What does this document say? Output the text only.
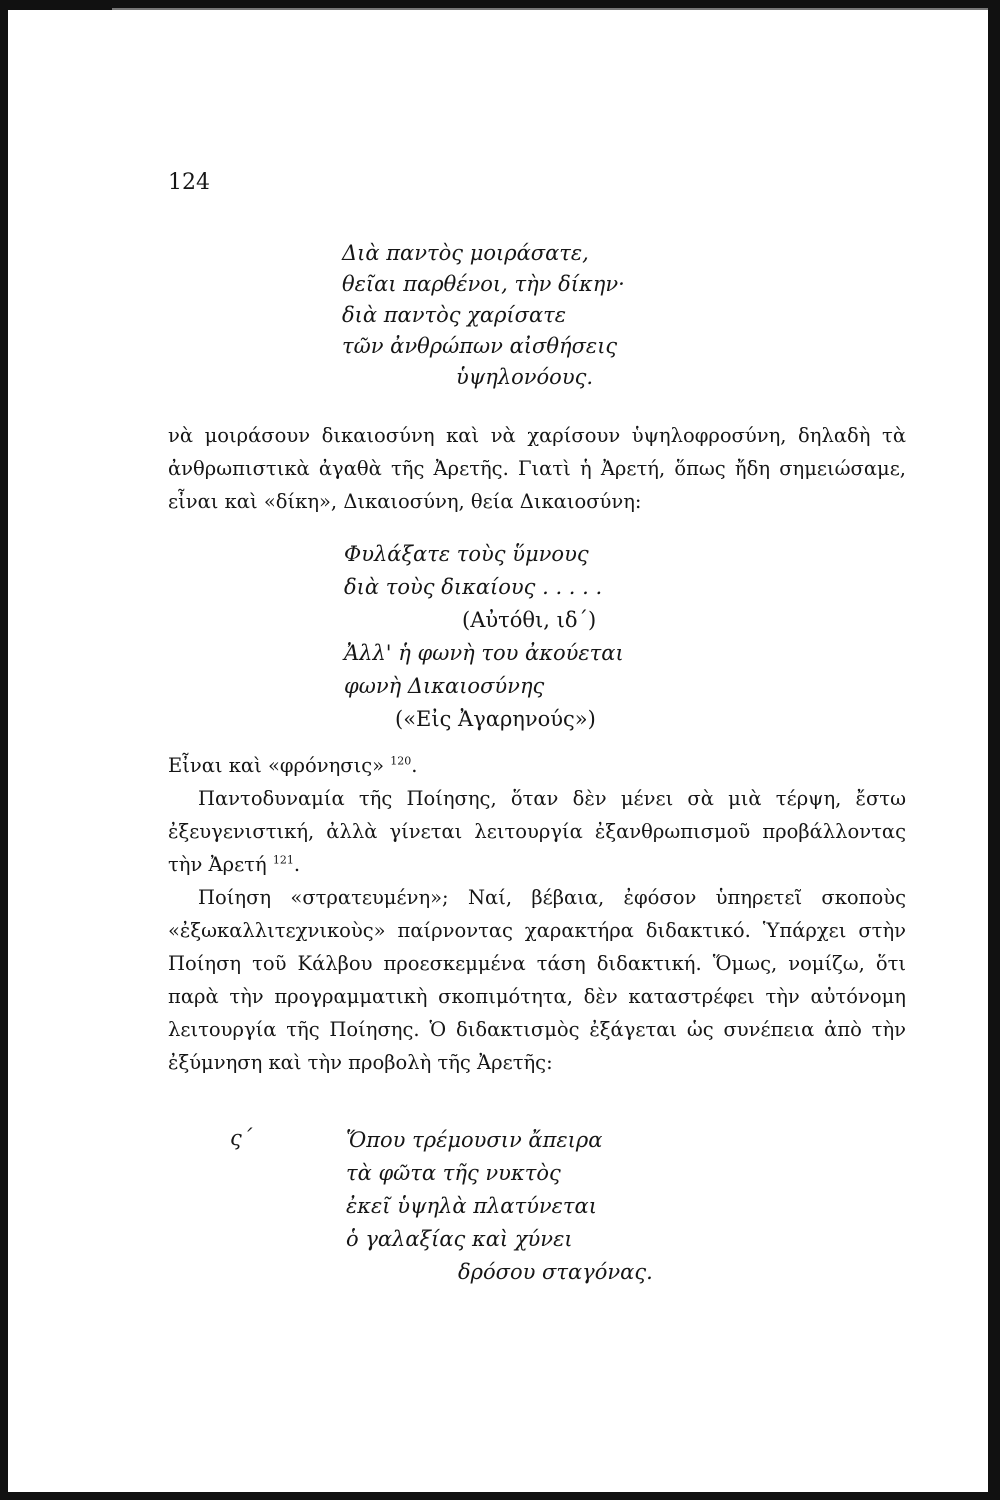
124
Διὰ παντὸς μοιράσατε,
θεῖαι παρθένοι, τὴν δίκην·
διὰ παντὸς χαρίσατε
τῶν ἀνθρώπων αἰσθήσεις
ὑψηλονόους.

νὰ μοιράσουν δικαιοσύνη καὶ νὰ χαρίσουν ὑψηλοφροσύνη, δηλαδὴ τὰ ἀνθρωπιστικὰ ἀγαθὰ τῆς Ἀρετῆς. Γιατὶ ἡ Ἀρετή, ὅπως ἤδη σημειώσαμε, εἶναι καὶ «δίκη», Δικαιοσύνη, θεία Δικαιοσύνη:

Φυλάξατε τοὺς ὕμνους
διὰ τοὺς δικαίους . . . . .
(Αὐτόθι, ιδ΄)
Ἀλλ' ἡ φωνὴ του ἀκούεται
φωνὴ Δικαιοσύνης
(«Εἰς Ἀγαρηνούς»)

Εἶναι καὶ «φρόνησις» $^{120}$.

Παντοδυναμία τῆς Ποίησης, ὅταν δὲν μένει σὰ μιὰ τέρψη, ἔστω ἐξευγενιστική, ἀλλὰ γίνεται λειτουργία ἐξανθρωπισμοῦ προβάλλοντας τὴν Ἀρετή $^{121}$.

Ποίηση «στρατευμένη»; Ναί, βέβαια, ἐφόσον ὑπηρετεῖ σκοποὺς «ἐξωκαλλιτεχνικοὺς» παίρνοντας χαρακτήρα διδακτικό. Ὑπάρχει στὴν Ποίηση τοῦ Κάλβου προεσκεμμένα τάση διδακτική. Ὅμως, νομίζω, ὅτι παρὰ τὴν προγραμματικὴ σκοπιμότητα, δὲν καταστρέφει τὴν αὐτόνομη λειτουργία τῆς Ποίησης. Ὁ διδακτισμὸς ἐξάγεται ὡς συνέπεια ἀπὸ τὴν ἐξύμνηση καὶ τὴν προβολὴ τῆς Ἀρετῆς:

ς΄	Ὅπου τρέμουσιν ἄπειρα
τὰ φῶτα τῆς νυκτὸς
ἐκεῖ ὑψηλὰ πλατύνεται
ὁ γαλαξίας καὶ χύνει
δρόσου σταγόνας.
